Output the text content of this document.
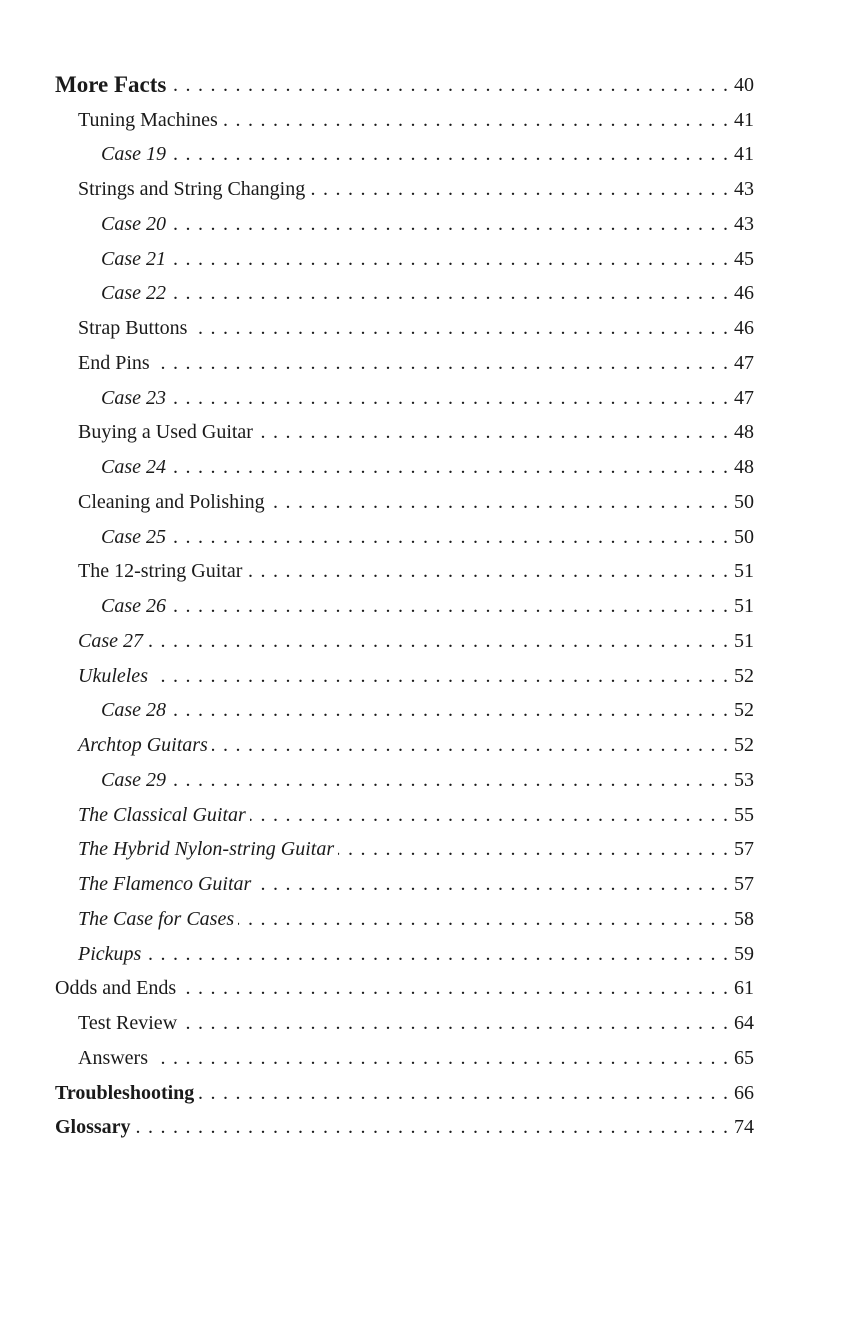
More Facts . . .	40
Tuning Machines . . .	41
Case 19 . . .	41
Strings and String Changing . . .	43
Case 20 . . .	43
Case 21 . . .	45
Case 22 . . .	46
Strap Buttons . . .	46
End Pins . . .	47
Case 23 . . .	47
Buying a Used Guitar . . .	48
Case 24 . . .	48
Cleaning and Polishing . . .	50
Case 25 . . .	50
The 12-string Guitar . . .	51
Case 26 . . .	51
Case 27 . . .	51
Ukuleles . . .	52
Case 28 . . .	52
Archtop Guitars . . .	52
Case 29 . . .	53
The Classical Guitar . . .	55
The Hybrid Nylon-string Guitar . . .	57
The Flamenco Guitar . . .	57
The Case for Cases . . .	58
Pickups . . .	59
Odds and Ends . . .	61
Test Review . . .	64
Answers . . .	65
Troubleshooting . . .	66
Glossary . . .	74
